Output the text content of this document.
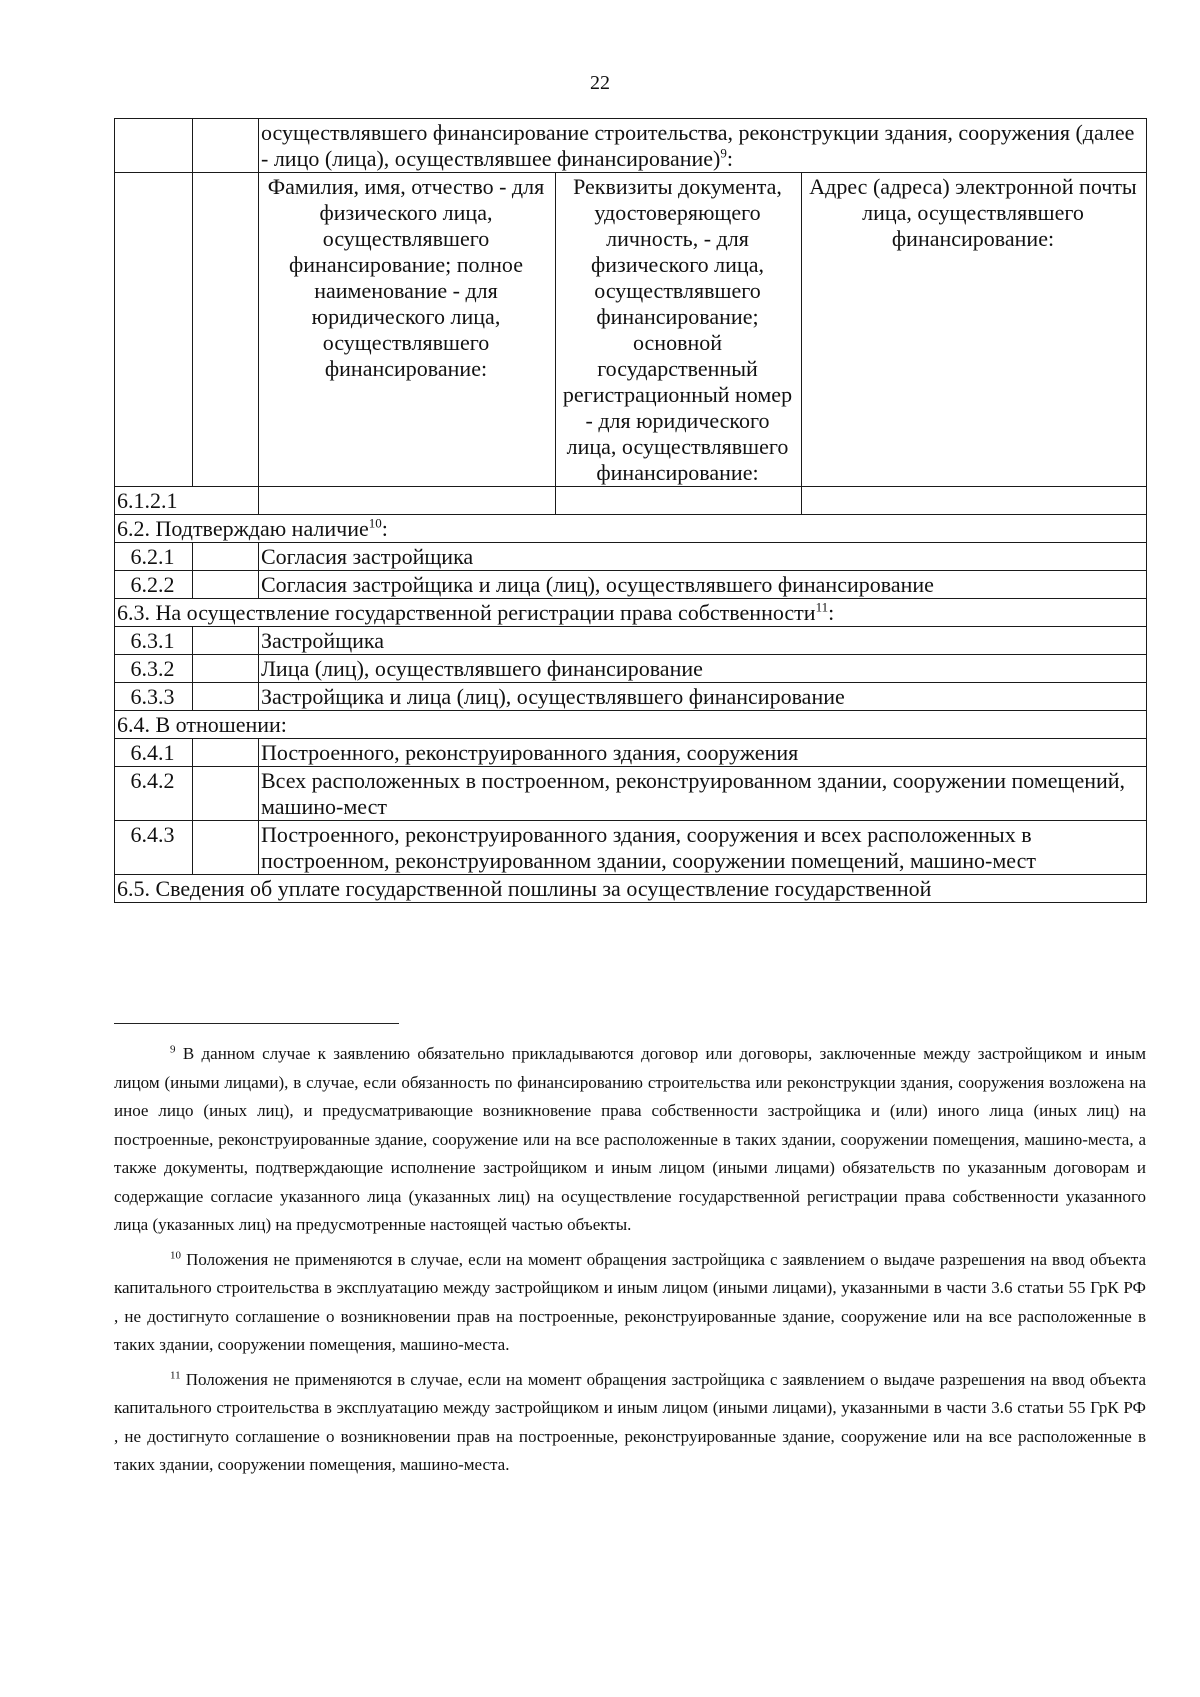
22
		осуществлявшего финансирование строительства, реконструкции здания, сооружения (далее - лицо (лица), осуществлявшее финансирование)$^9$:		
		Фамилия, имя, отчество - для физического лица, осуществлявшего финансирование; полное наименование - для юридического лица, осуществлявшего финансирование:	Реквизиты документа, удостоверяющего личность, - для физического лица, осуществлявшего финансирование; основной государственный регистрационный номер - для юридического лица, осуществлявшего финансирование:	Адрес (адреса) электронной почты лица, осуществлявшего финансирование:
6.1.2.1				
6.2. Подтверждаю наличие$^{10}$:				
6.2.1		Согласия застройщика		
6.2.2		Согласия застройщика и лица (лиц), осуществлявшего финансирование		
6.3. На осуществление государственной регистрации права собственности$^{11}$:				
6.3.1		Застройщика		
6.3.2		Лица (лиц), осуществлявшего финансирование		
6.3.3		Застройщика и лица (лиц), осуществлявшего финансирование		
6.4. В отношении:				
6.4.1		Построенного, реконструированного здания, сооружения		
6.4.2		Всех расположенных в построенном, реконструированном здании, сооружении помещений, машино-мест		
6.4.3		Построенного, реконструированного здания, сооружения и всех расположенных в построенном, реконструированном здании, сооружении помещений, машино-мест		
6.5. Сведения об уплате государственной пошлины за осуществление государственной				

$^9$ В данном случае к заявлению обязательно прикладываются договор или договоры, заключенные между застройщиком и иным лицом (иными лицами), в случае, если обязанность по финансированию строительства или реконструкции здания, сооружения возложена на иное лицо (иных лиц), и предусматривающие возникновение права собственности застройщика и (или) иного лица (иных лиц) на построенные, реконструированные здание, сооружение или на все расположенные в таких здании, сооружении помещения, машино-места, а также документы, подтверждающие исполнение застройщиком и иным лицом (иными лицами) обязательств по указанным договорам и содержащие согласие указанного лица (указанных лиц) на осуществление государственной регистрации права собственности указанного лица (указанных лиц) на предусмотренные настоящей частью объекты.

$^{10}$ Положения не применяются в случае, если на момент обращения застройщика с заявлением о выдаче разрешения на ввод объекта капитального строительства в эксплуатацию между застройщиком и иным лицом (иными лицами), указанными в части 3.6 статьи 55 ГрК РФ , не достигнуто соглашение о возникновении прав на построенные, реконструированные здание, сооружение или на все расположенные в таких здании, сооружении помещения, машино-места.

$^{11}$ Положения не применяются в случае, если на момент обращения застройщика с заявлением о выдаче разрешения на ввод объекта капитального строительства в эксплуатацию между застройщиком и иным лицом (иными лицами), указанными в части 3.6 статьи 55 ГрК РФ , не достигнуто соглашение о возникновении прав на построенные, реконструированные здание, сооружение или на все расположенные в таких здании, сооружении помещения, машино-места.
